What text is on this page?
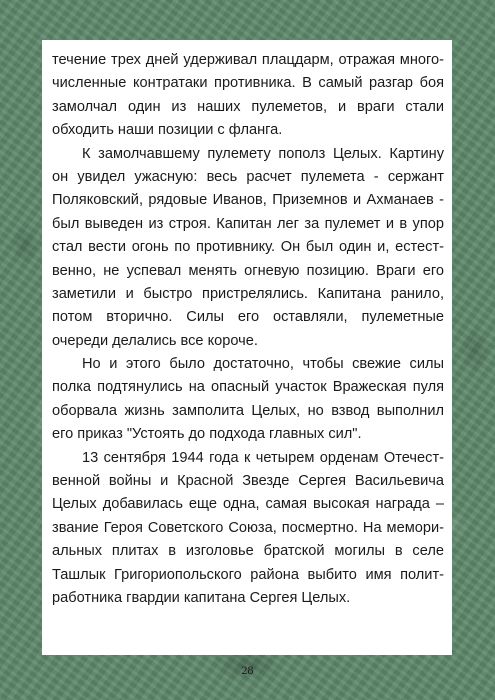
течение трех дней удерживал плацдарм, отражая много-
численные контратаки противника. В самый разгар боя
замолчал один из наших пулеметов, и враги стали
обходить наши позиции с фланга.
К замолчавшему пулемету пополз Целых. Картину
он увидел ужасную: весь расчет пулемета - сержант
Поляковский, рядовые Иванов, Приземнов и Ахманаев -
был выведен из строя. Капитан лег за пулемет и в упор
стал вести огонь по противнику. Он был один и, естест-
венно, не успевал менять огневую позицию. Враги его
заметили и быстро пристрелялись. Капитана ранило,
потом вторично. Силы его оставляли, пулеметные
очереди делались все короче.
Но и этого было достаточно, чтобы свежие силы
полка подтянулись на опасный участок Вражеская пуля
оборвала жизнь замполита Целых, но взвод выполнил
его приказ "Устоять до подхода главных сил".
13 сентября 1944 года к четырем орденам Отечест-
венной войны и Красной Звезде Сергея Васильевича
Целых добавилась еще одна, самая высокая награда –
звание Героя Советского Союза, посмертно. На мемори-
альных плитах в изголовье братской могилы в селе
Ташлык Григориопольского района выбито имя полит-
работника гвардии капитана Сергея Целых.
28
